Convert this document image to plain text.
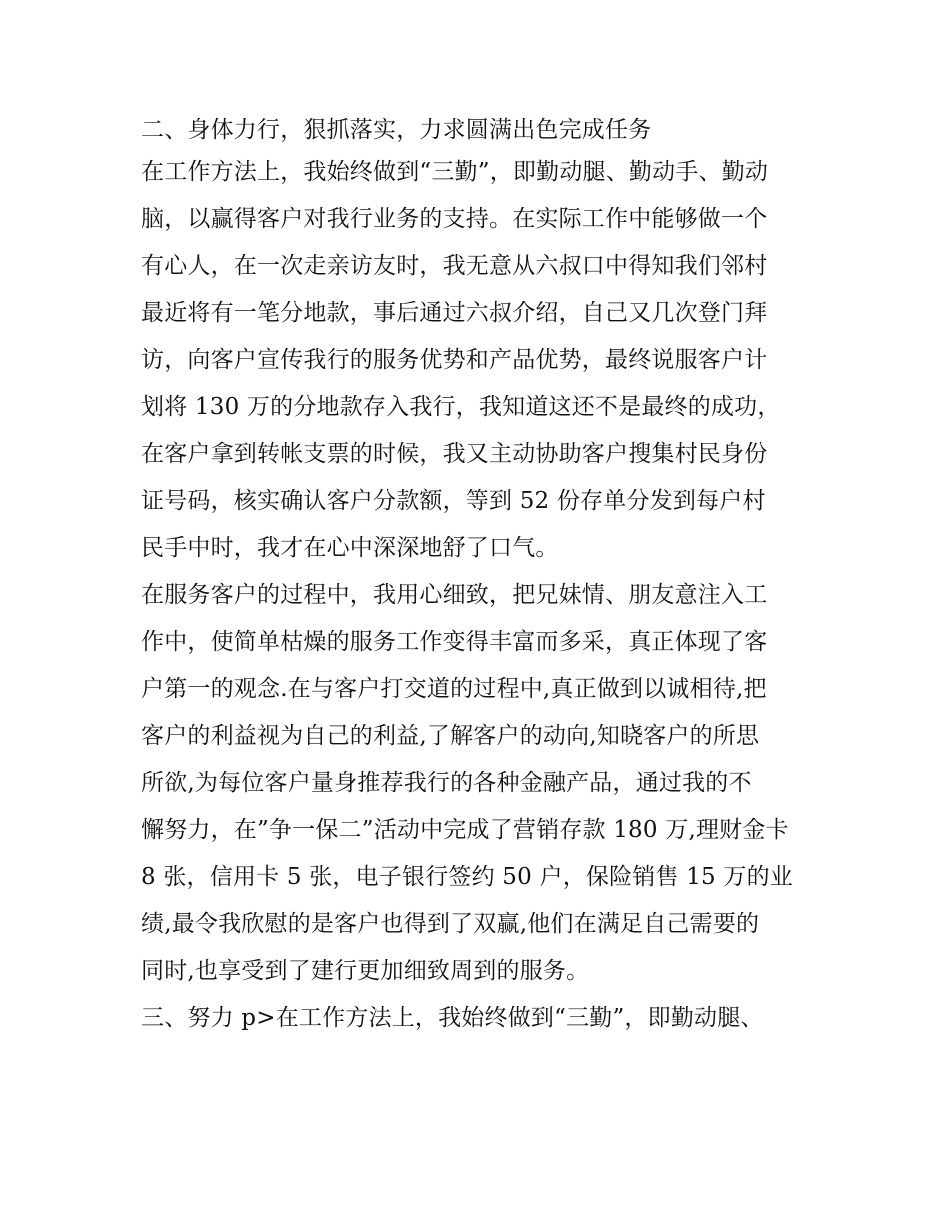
二、身体力行，狠抓落实，力求圆满出色完成任务
在工作方法上，我始终做到“三勤”，即勤动腿、勤动手、勤动
脑，以赢得客户对我行业务的支持。在实际工作中能够做一个
有心人，在一次走亲访友时，我无意从六叔口中得知我们邻村
最近将有一笔分地款，事后通过六叔介绍，自己又几次登门拜
访，向客户宣传我行的服务优势和产品优势，最终说服客户计
划将 130 万的分地款存入我行，我知道这还不是最终的成功，
在客户拿到转帐支票的时候，我又主动协助客户搜集村民身份
证号码，核实确认客户分款额，等到 52 份存单分发到每户村
民手中时，我才在心中深深地舒了口气。
在服务客户的过程中，我用心细致，把兄妹情、朋友意注入工
作中，使简单枯燥的服务工作变得丰富而多采，真正体现了客
户第一的观念.在与客户打交道的过程中,真正做到以诚相待,把
客户的利益视为自己的利益,了解客户的动向,知晓客户的所思
所欲,为每位客户量身推荐我行的各种金融产品，通过我的不
懈努力，在”争一保二”活动中完成了营销存款 180 万,理财金卡
8 张，信用卡 5 张，电子银行签约 50 户，保险销售 15 万的业
绩,最令我欣慰的是客户也得到了双赢,他们在满足自己需要的
同时,也享受到了建行更加细致周到的服务。
三、努力 p>在工作方法上，我始终做到“三勤”，即勤动腿、
